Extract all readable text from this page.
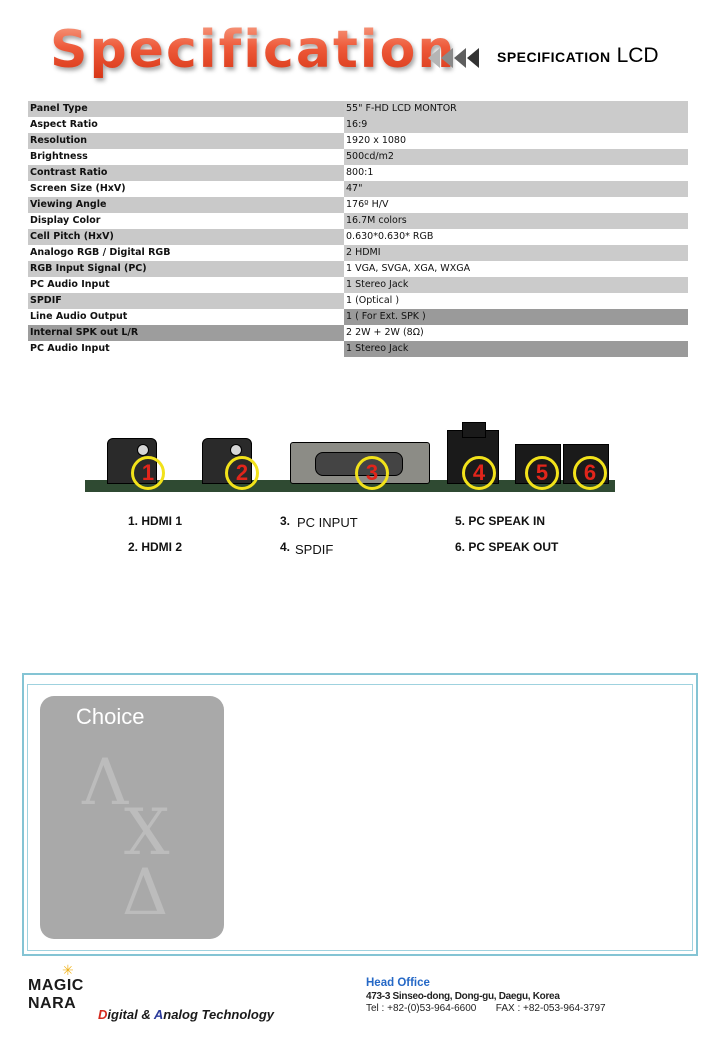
Specification	SPECIFICATION LCD
Panel Type	55" F-HD LCD MONTOR
Aspect Ratio	16:9
Resolution	1920 x 1080
Brightness	500cd/m2
Contrast Ratio	800:1
Screen Size (HxV)	47"
Viewing Angle	176º H/V
Display Color	16.7M colors
Cell Pitch (HxV)	0.630*0.630* RGB
Analogo RGB / Digital RGB	2 HDMI
RGB Input Signal (PC)	1 VGA, SVGA, XGA, WXGA
PC Audio Input	1 Stereo Jack
SPDIF	1 (Optical )
Line Audio Output	1 ( For Ext. SPK )
Internal SPK out L/R	2 2W + 2W (8Ω)
PC Audio Input	1 Stereo Jack
1	2	3	4	5	6
1. HDMI 1
2. HDMI 2
3. PC INPUT
4. SPDIF
5. PC SPEAK IN
6. PC SPEAK OUT
Choice
Λ
X
Δ
✳
MAGIC NARA
Digital & Analog Technology
Head Office
473-3 Sinseo-dong, Dong-gu, Daegu, Korea
Tel : +82-(0)53-964-6600       FAX : +82-053-964-3797
